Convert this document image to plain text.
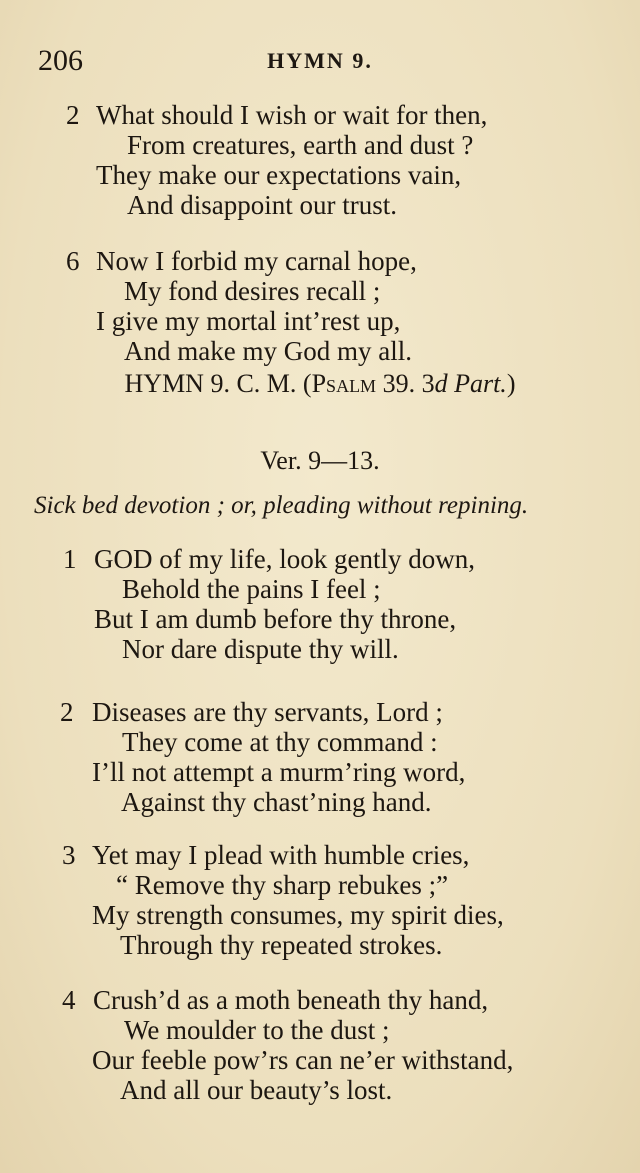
206	HYMN 9.
2 What should I wish or wait for then,
From creatures, earth and dust ?
They make our expectations vain,
And disappoint our trust.
6 Now I forbid my carnal hope,
My fond desires recall ;
I give my mortal int’rest up,
And make my God my all.
HYMN 9. C. M. (Psalm 39. 3d Part.)
Ver. 9—13.
Sick bed devotion ; or, pleading without repining.
1 GOD of my life, look gently down,
Behold the pains I feel ;
But I am dumb before thy throne,
Nor dare dispute thy will.
2 Diseases are thy servants, Lord ;
They come at thy command :
I’ll not attempt a murm’ring word,
Against thy chast’ning hand.
3 Yet may I plead with humble cries,
“ Remove thy sharp rebukes ;”
My strength consumes, my spirit dies,
Through thy repeated strokes.
4 Crush’d as a moth beneath thy hand,
We moulder to the dust ;
Our feeble pow’rs can ne’er withstand,
And all our beauty’s lost.
